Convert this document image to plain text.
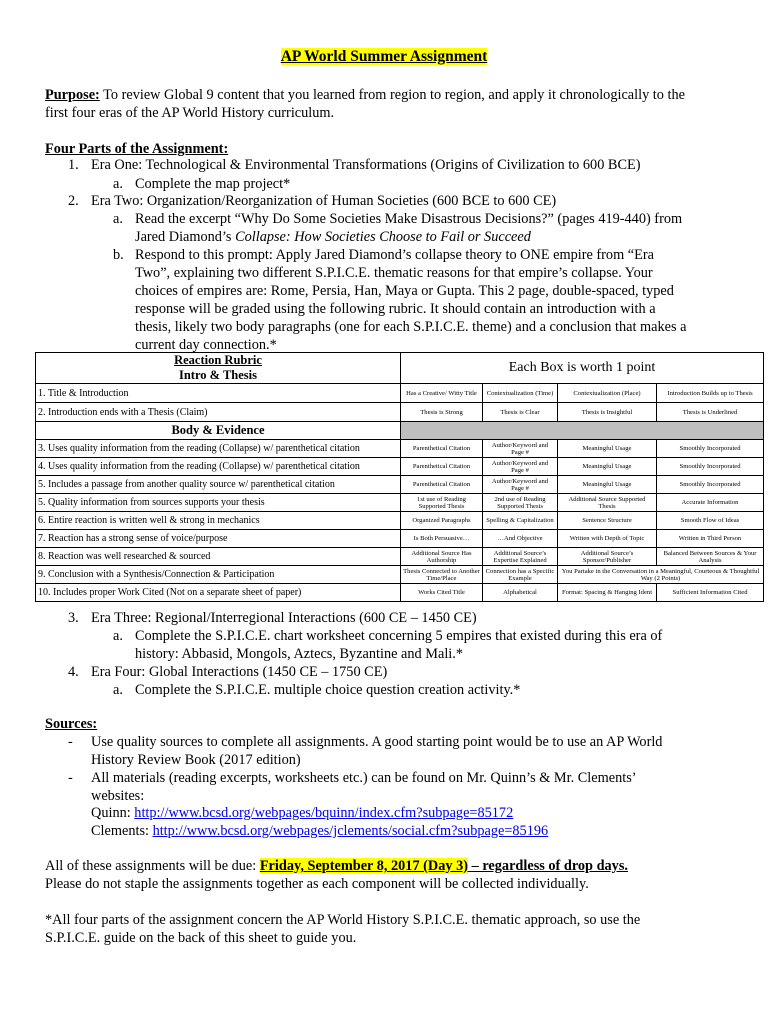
AP World Summer Assignment
Purpose: To review Global 9 content that you learned from region to region, and apply it chronologically to the
first four eras of the AP World History curriculum.
Four Parts of the Assignment:
1. Era One: Technological & Environmental Transformations (Origins of Civilization to 600 BCE)
a. Complete the map project*
2. Era Two: Organization/Reorganization of Human Societies (600 BCE to 600 CE)
a. Read the excerpt “Why Do Some Societies Make Disastrous Decisions?” (pages 419-440) from
Jared Diamond’s Collapse: How Societies Choose to Fail or Succeed
b. Respond to this prompt: Apply Jared Diamond’s collapse theory to ONE empire from “Era
Two”, explaining two different S.P.I.C.E. thematic reasons for that empire’s collapse. Your
choices of empires are: Rome, Persia, Han, Maya or Gupta. This 2 page, double-spaced, typed
response will be graded using the following rubric. It should contain an introduction with a
thesis, likely two body paragraphs (one for each S.P.I.C.E. theme) and a conclusion that makes a
current day connection.*
Reaction Rubric
Intro & Thesis	Each Box is worth 1 point			
1. Title & Introduction	Has a Creative/ Witty Title	Contextualization (Time)	Contextualization (Place)	Introduction Builds up to Thesis
2. Introduction ends with a Thesis (Claim)	Thesis is Strong	Thesis is Clear	Thesis is Insightful	Thesis is Underlined
Body & Evidence				
3. Uses quality information from the reading (Collapse) w/ parenthetical citation	Parenthetical Citation	Author/Keyword and Page #	Meaningful Usage	Smoothly Incorporated
4. Uses quality information from the reading (Collapse) w/ parenthetical citation	Parenthetical Citation	Author/Keyword and Page #	Meaningful Usage	Smoothly Incorporated
5. Includes a passage from another quality source w/ parenthetical citation	Parenthetical Citation	Author/Keyword and Page #	Meaningful Usage	Smoothly Incorporated
5. Quality information from sources supports your thesis	1st use of Reading Supported Thesis	2nd use of Reading Supported Thesis	Additional Source Supported Thesis	Accurate Information
6. Entire reaction is written well & strong in mechanics	Organized Paragraphs	Spelling & Capitalization	Sentence Structure	Smooth Flow of Ideas
7. Reaction has a strong sense of voice/purpose	Is Both Persuasive…	…And Objective	Written with Depth of Topic	Written in Third Person
8. Reaction was well researched & sourced	Additional Source Has Authorship	Additional Source’s Expertise Explained	Additional Source’s Sponsor/Publisher	Balanced Between Sources & Your Analysis
9. Conclusion with a Synthesis/Connection & Participation	Thesis Connected to Another Time/Place	Connection has a Specific Example	You Partake in the Conversation in a Meaningful, Courteous & Thoughtful Way (2 Points)	
10. Includes proper Work Cited (Not on a separate sheet of paper)	Works Cited Title	Alphabetical	Format: Spacing & Hanging Ident	Sufficient Information Cited
3. Era Three: Regional/Interregional Interactions (600 CE – 1450 CE)
a. Complete the S.P.I.C.E. chart worksheet concerning 5 empires that existed during this era of
history: Abbasid, Mongols, Aztecs, Byzantine and Mali.*
4. Era Four: Global Interactions (1450 CE – 1750 CE)
a. Complete the S.P.I.C.E. multiple choice question creation activity.*
Sources:
- Use quality sources to complete all assignments. A good starting point would be to use an AP World
History Review Book (2017 edition)
- All materials (reading excerpts, worksheets etc.) can be found on Mr. Quinn’s & Mr. Clements’
websites:
Quinn: http://www.bcsd.org/webpages/bquinn/index.cfm?subpage=85172
Clements: http://www.bcsd.org/webpages/jclements/social.cfm?subpage=85196
All of these assignments will be due: Friday, September 8, 2017 (Day 3) – regardless of drop days.
Please do not staple the assignments together as each component will be collected individually.
*All four parts of the assignment concern the AP World History S.P.I.C.E. thematic approach, so use the
S.P.I.C.E. guide on the back of this sheet to guide you.
